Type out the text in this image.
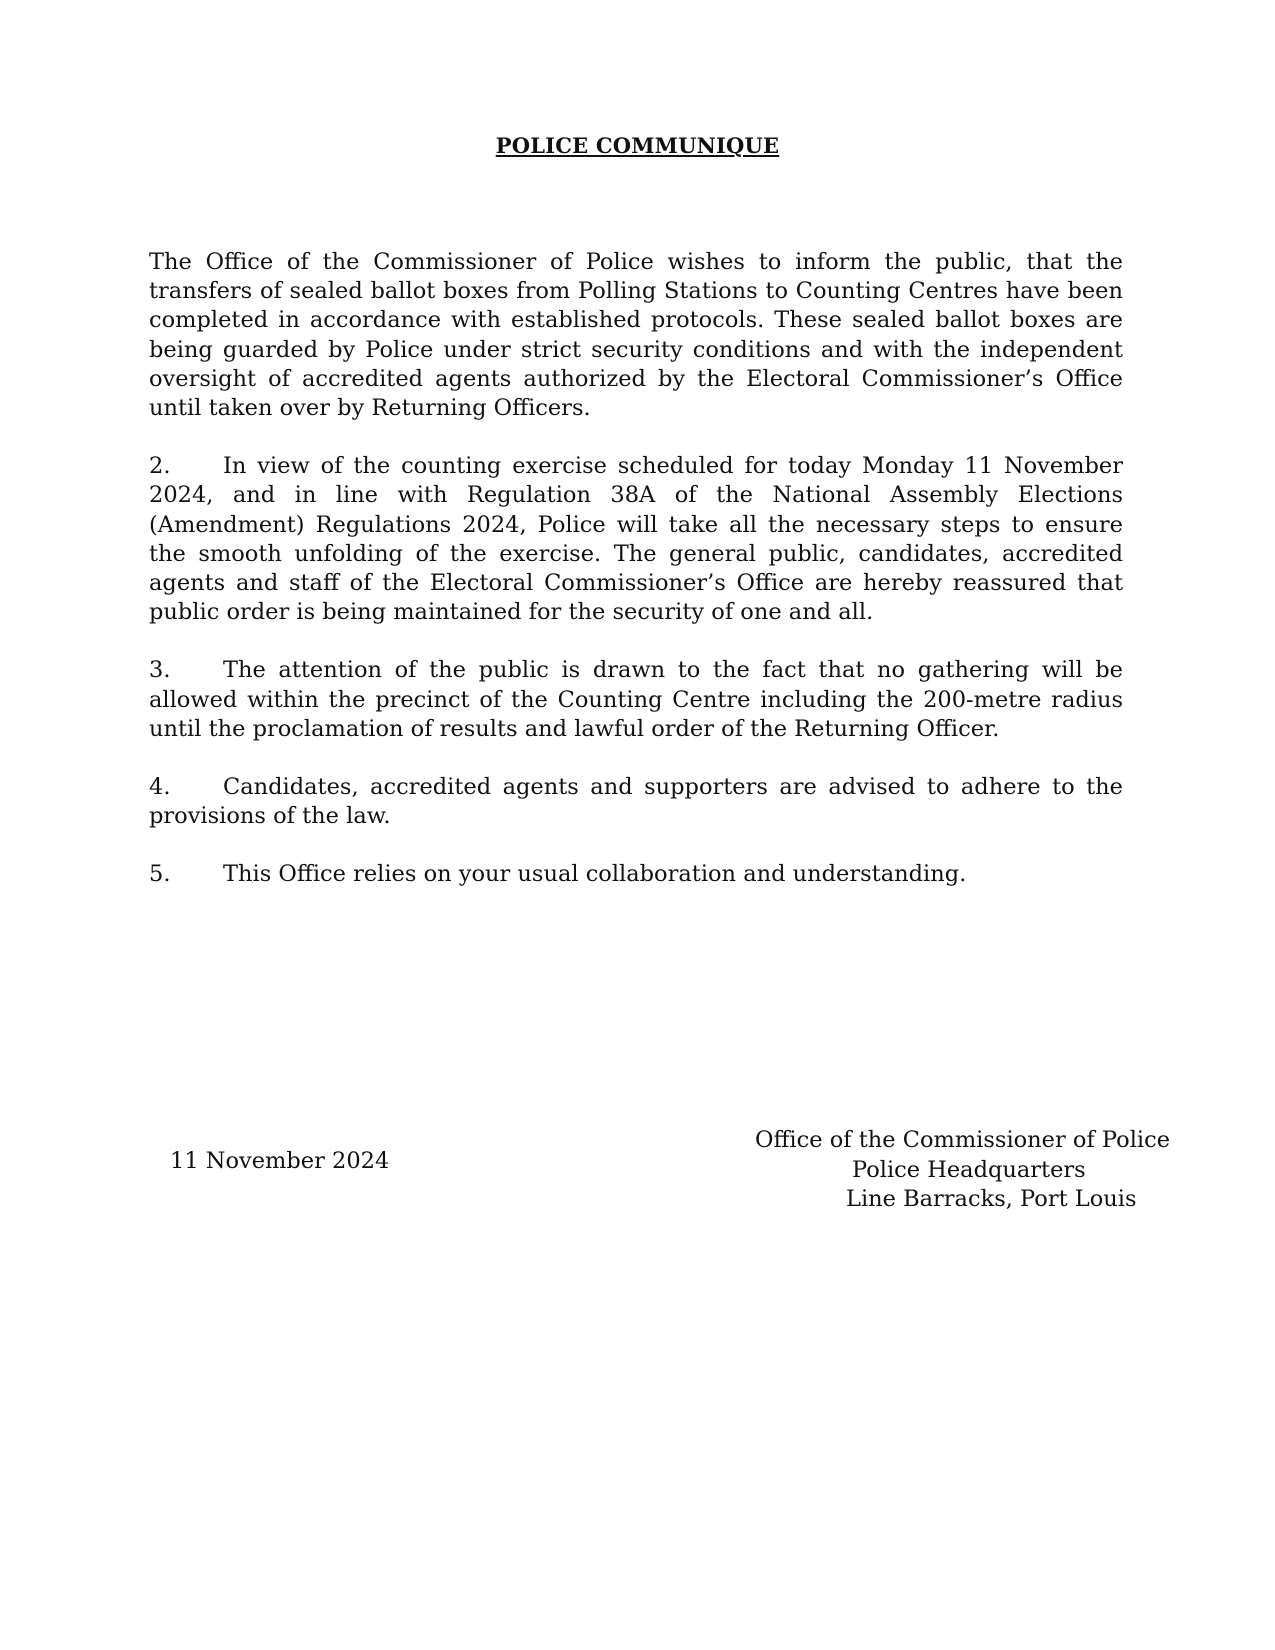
POLICE COMMUNIQUE

The Office of the Commissioner of Police wishes to inform the public, that the transfers of sealed ballot boxes from Polling Stations to Counting Centres have been completed in accordance with established protocols. These sealed ballot boxes are being guarded by Police under strict security conditions and with the independent oversight of accredited agents authorized by the Electoral Commissioner’s Office until taken over by Returning Officers.

2. In view of the counting exercise scheduled for today Monday 11 November 2024, and in line with Regulation 38A of the National Assembly Elections (Amendment) Regulations 2024, Police will take all the necessary steps to ensure the smooth unfolding of the exercise. The general public, candidates, accredited agents and staff of the Electoral Commissioner’s Office are hereby reassured that public order is being maintained for the security of one and all.

3. The attention of the public is drawn to the fact that no gathering will be allowed within the precinct of the Counting Centre including the 200-metre radius until the proclamation of results and lawful order of the Returning Officer.

4. Candidates, accredited agents and supporters are advised to adhere to the provisions of the law.

5. This Office relies on your usual collaboration and understanding.

11 November 2024
Office of the Commissioner of Police
Police Headquarters
Line Barracks, Port Louis
